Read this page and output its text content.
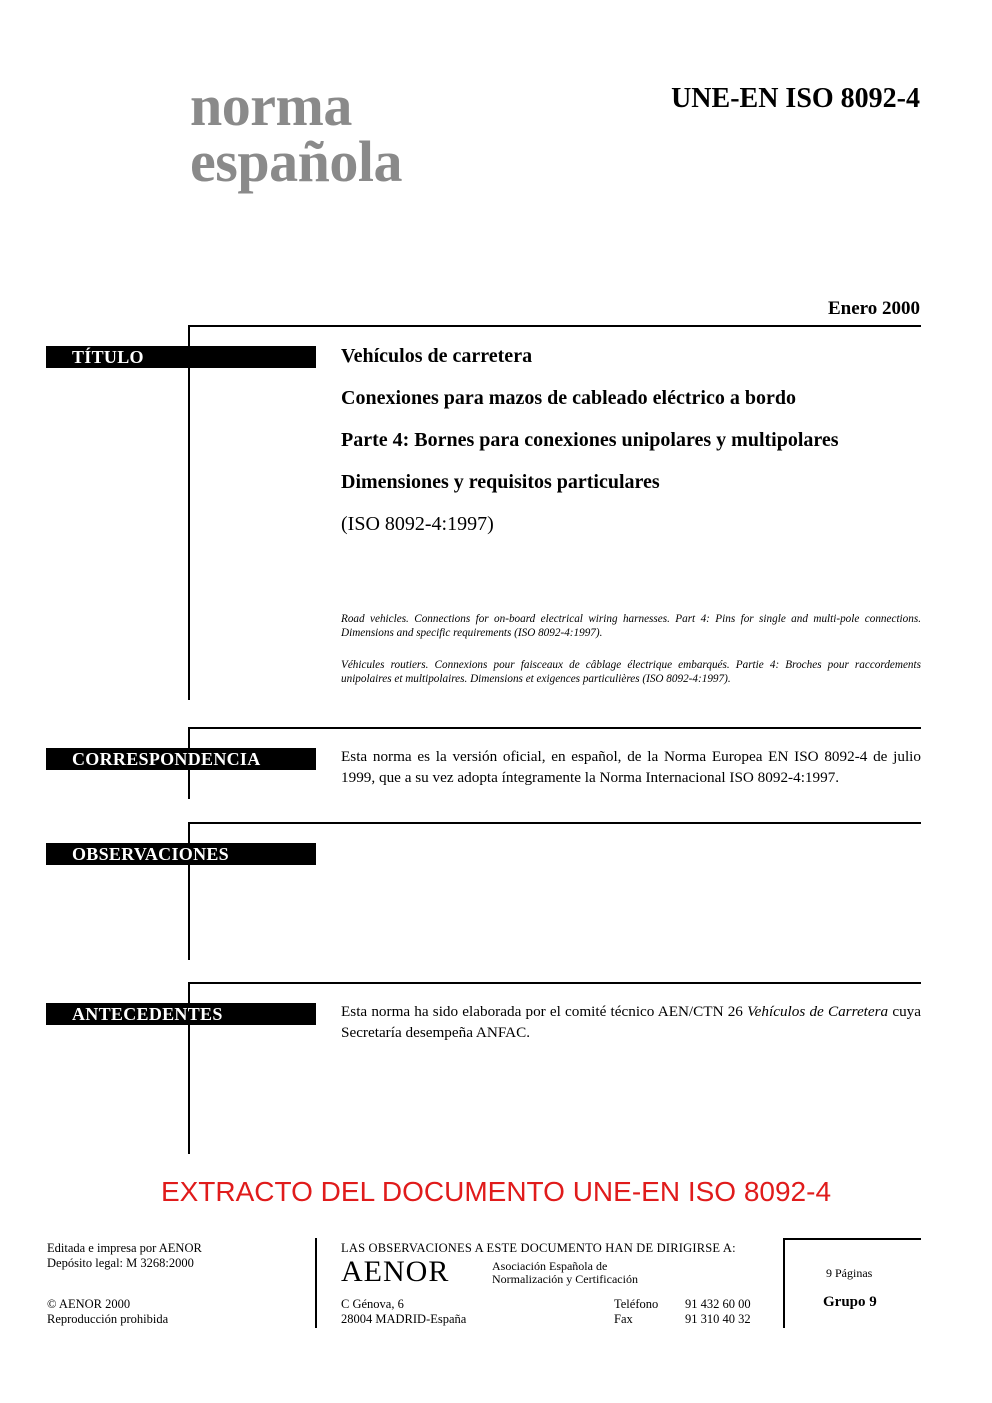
norma
española
UNE-EN ISO 8092-4
Enero 2000
TÍTULO	Vehículos de carretera
Conexiones para mazos de cableado eléctrico a bordo
Parte 4: Bornes para conexiones unipolares y multipolares
Dimensiones y requisitos particulares
(ISO 8092-4:1997)
Road vehicles. Connections for on-board electrical wiring harnesses. Part 4: Pins for single and multi-pole connections. Dimensions and specific requirements (ISO 8092-4:1997).
Véhicules routiers. Connexions pour faisceaux de câblage électrique embarqués. Partie 4: Broches pour raccordements unipolaires et multipolaires. Dimensions et exigences particulières (ISO 8092-4:1997).
CORRESPONDENCIA	Esta norma es la versión oficial, en español, de la Norma Europea EN ISO 8092-4 de julio 1999, que a su vez adopta íntegramente la Norma Internacional ISO 8092-4:1997.
OBSERVACIONES
ANTECEDENTES	Esta norma ha sido elaborada por el comité técnico AEN/CTN 26 Vehículos de Carretera cuya Secretaría desempeña ANFAC.
EXTRACTO DEL DOCUMENTO UNE-EN ISO 8092-4
Editada e impresa por AENOR
Depósito legal: M 3268:2000
© AENOR 2000
Reproducción prohibida
LAS OBSERVACIONES A ESTE DOCUMENTO HAN DE DIRIGIRSE A:
AENOR	Asociación Española de
Normalización y Certificación
C Génova, 6
28004 MADRID-España
Teléfono 91 432 60 00
Fax	91 310 40 32
9 Páginas
Grupo 9
